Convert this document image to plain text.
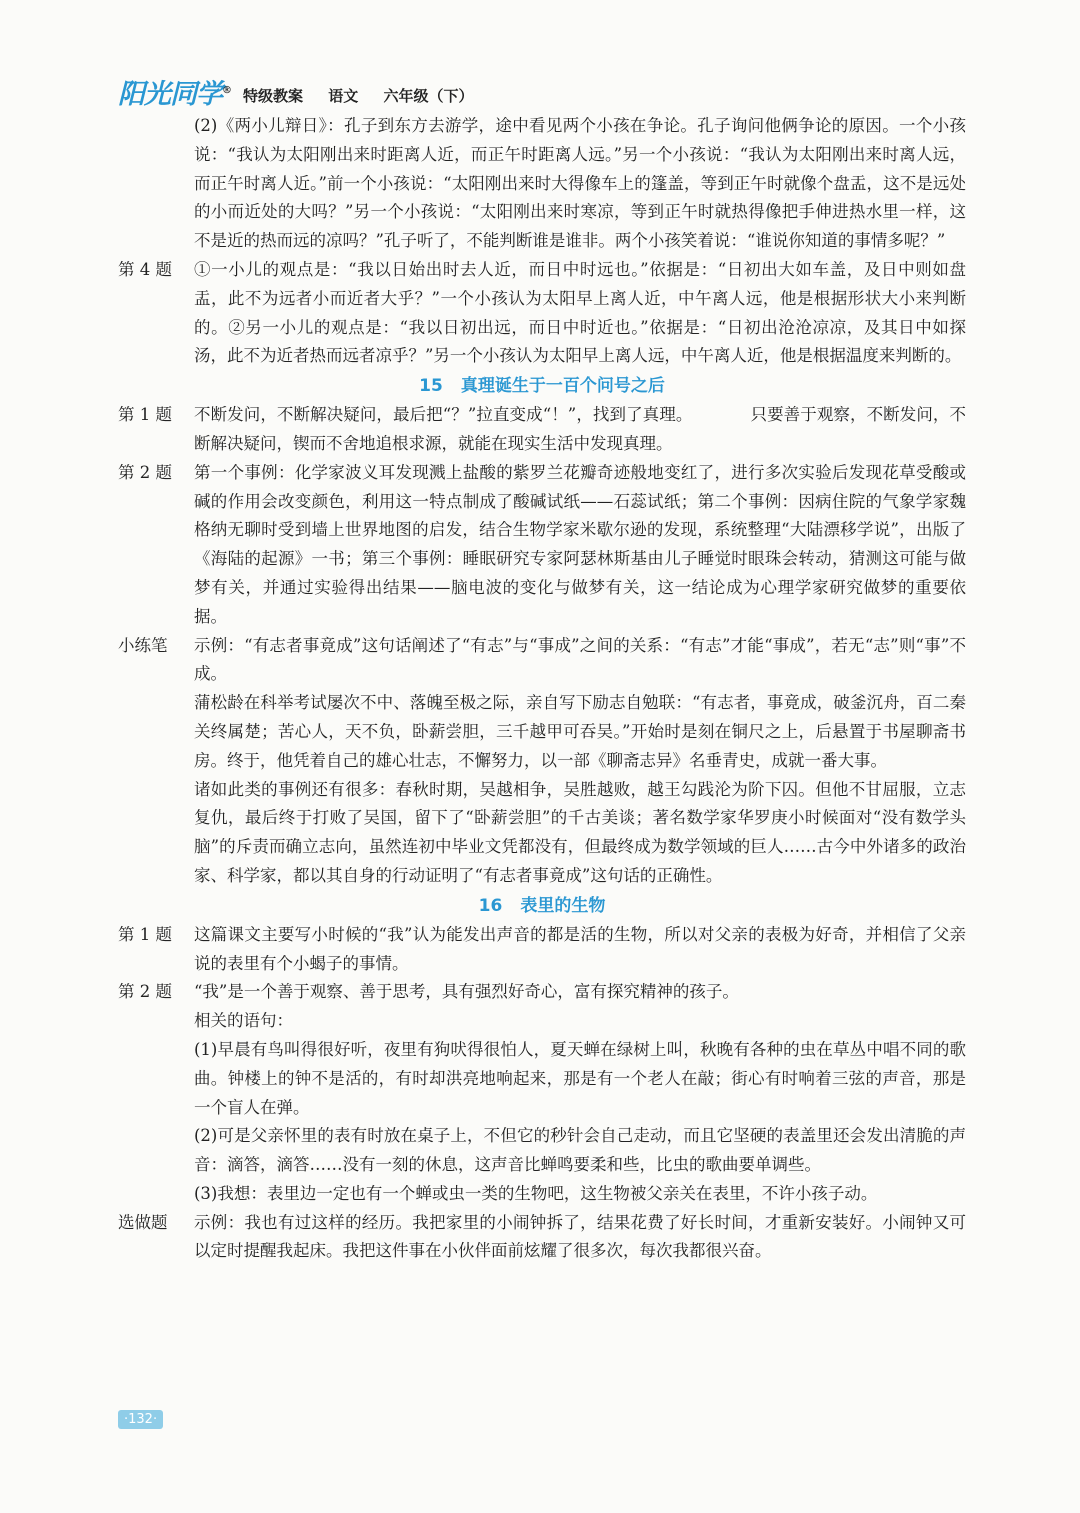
阳光同学® 特级教案 语文 六年级（下）

(2)《两小儿辩日》：孔子到东方去游学，途中看见两个小孩在争论。孔子询问他俩争论的原因。一个小孩说：“我认为太阳刚出来时距离人近，而正午时距离人远。”另一个小孩说：“我认为太阳刚出来时离人远，而正午时离人近。”前一个小孩说：“太阳刚出来时大得像车上的篷盖，等到正午时就像个盘盂，这不是远处的小而近处的大吗？”另一个小孩说：“太阳刚出来时寒凉，等到正午时就热得像把手伸进热水里一样，这不是近的热而远的凉吗？”孔子听了，不能判断谁是谁非。两个小孩笑着说：“谁说你知道的事情多呢？”

第 4 题	①一小儿的观点是：“我以日始出时去人近，而日中时远也。”依据是：“日初出大如车盖，及日中则如盘盂，此不为远者小而近者大乎？”一个小孩认为太阳早上离人近，中午离人远，他是根据形状大小来判断的。②另一小儿的观点是：“我以日初出远，而日中时近也。”依据是：“日初出沧沧凉凉，及其日中如探汤，此不为近者热而远者凉乎？”另一个小孩认为太阳早上离人远，中午离人近，他是根据温度来判断的。
15 真理诞生于一百个问号之后
第 1 题	不断发问，不断解决疑问，最后把“？”拉直变成“！”，找到了真理。　　　　只要善于观察，不断发问，不断解决疑问，锲而不舍地追根求源，就能在现实生活中发现真理。
第 2 题	第一个事例：化学家波义耳发现溅上盐酸的紫罗兰花瓣奇迹般地变红了，进行多次实验后发现花草受酸或碱的作用会改变颜色，利用这一特点制成了酸碱试纸——石蕊试纸；第二个事例：因病住院的气象学家魏格纳无聊时受到墙上世界地图的启发，结合生物学家米歇尔逊的发现，系统整理“大陆漂移学说”，出版了《海陆的起源》一书；第三个事例：睡眠研究专家阿瑟林斯基由儿子睡觉时眼珠会转动，猜测这可能与做梦有关，并通过实验得出结果——脑电波的变化与做梦有关，这一结论成为心理学家研究做梦的重要依据。
小练笔	示例：“有志者事竟成”这句话阐述了“有志”与“事成”之间的关系：“有志”才能“事成”，若无“志”则“事”不成。

蒲松龄在科举考试屡次不中、落魄至极之际，亲自写下励志自勉联：“有志者，事竟成，破釜沉舟，百二秦关终属楚；苦心人，天不负，卧薪尝胆，三千越甲可吞吴。”开始时是刻在铜尺之上，后悬置于书屋聊斋书房。终于，他凭着自己的雄心壮志，不懈努力，以一部《聊斋志异》名垂青史，成就一番大事。

诸如此类的事例还有很多：春秋时期，吴越相争，吴胜越败，越王勾践沦为阶下囚。但他不甘屈服，立志复仇，最后终于打败了吴国，留下了“卧薪尝胆”的千古美谈；著名数学家华罗庚小时候面对“没有数学头脑”的斥责而确立志向，虽然连初中毕业文凭都没有，但最终成为数学领域的巨人……古今中外诸多的政治家、科学家，都以其自身的行动证明了“有志者事竟成”这句话的正确性。

16 表里的生物
第 1 题	这篇课文主要写小时候的“我”认为能发出声音的都是活的生物，所以对父亲的表极为好奇，并相信了父亲说的表里有个小蝎子的事情。
第 2 题	“我”是一个善于观察、善于思考，具有强烈好奇心，富有探究精神的孩子。

相关的语句：

(1)早晨有鸟叫得很好听，夜里有狗吠得很怕人，夏天蝉在绿树上叫，秋晚有各种的虫在草丛中唱不同的歌曲。钟楼上的钟不是活的，有时却洪亮地响起来，那是有一个老人在敲；街心有时响着三弦的声音，那是一个盲人在弹。

(2)可是父亲怀里的表有时放在桌子上，不但它的秒针会自己走动，而且它坚硬的表盖里还会发出清脆的声音：滴答，滴答……没有一刻的休息，这声音比蝉鸣要柔和些，比虫的歌曲要单调些。

(3)我想：表里边一定也有一个蝉或虫一类的生物吧，这生物被父亲关在表里，不许小孩子动。

选做题	示例：我也有过这样的经历。我把家里的小闹钟拆了，结果花费了好长时间，才重新安装好。小闹钟又可以定时提醒我起床。我把这件事在小伙伴面前炫耀了很多次，每次我都很兴奋。
·132·
